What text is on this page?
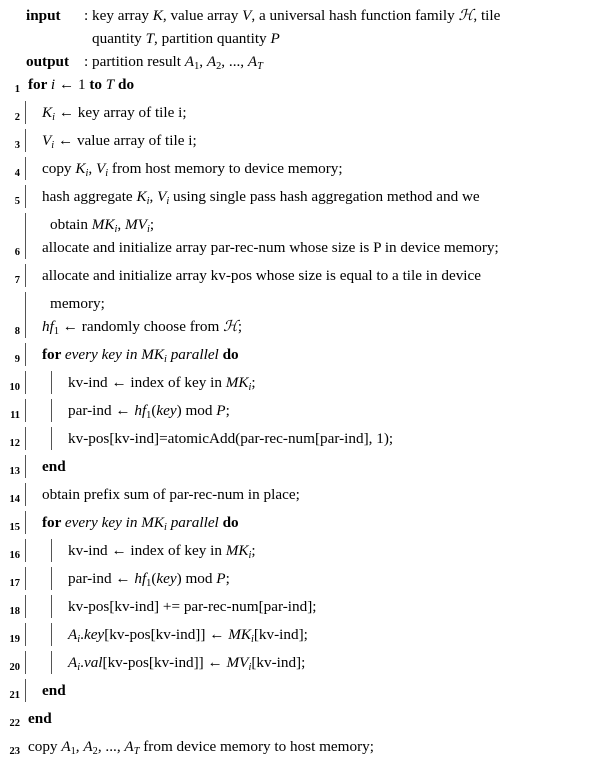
input	: key array K, value array V, a universal hash function family ℋ, tile
quantity T, partition quantity P
output : partition result $A_1$, $A_2$, ..., $A_T$
1 for i ← 1 to T do
2	$K_i$ ← key array of tile i;
3	$V_i$ ← value array of tile i;
4	copy $K_i$, $V_i$ from host memory to device memory;
5	hash aggregate $K_i$, $V_i$ using single pass hash aggregation method and we
obtain $MK_i$, $MV_i$;
6	allocate and initialize array par-rec-num whose size is P in device memory;
7	allocate and initialize array kv-pos whose size is equal to a tile in device
memory;
8	$hf_1$ ← randomly choose from ℋ;
9	for every key in $MK_i$ parallel do
10	kv-ind ← index of key in $MK_i$;
11	par-ind ← $hf_1(key)$ mod P;
12	kv-pos[kv-ind]=atomicAdd(par-rec-num[par-ind], 1);
13	end
14	obtain prefix sum of par-rec-num in place;
15	for every key in $MK_i$ parallel do
16	kv-ind ← index of key in $MK_i$;
17	par-ind ← $hf_1(key)$ mod P;
18	kv-pos[kv-ind] += par-rec-num[par-ind];
19	$A_i.key[kv-pos[kv-ind]]$ ← $MK_i[kv-ind]$;
20	$A_i.val[kv-pos[kv-ind]]$ ← $MV_i[kv-ind]$;
21	end
22 end
23 copy $A_1$, $A_2$, ..., $A_T$ from device memory to host memory;
